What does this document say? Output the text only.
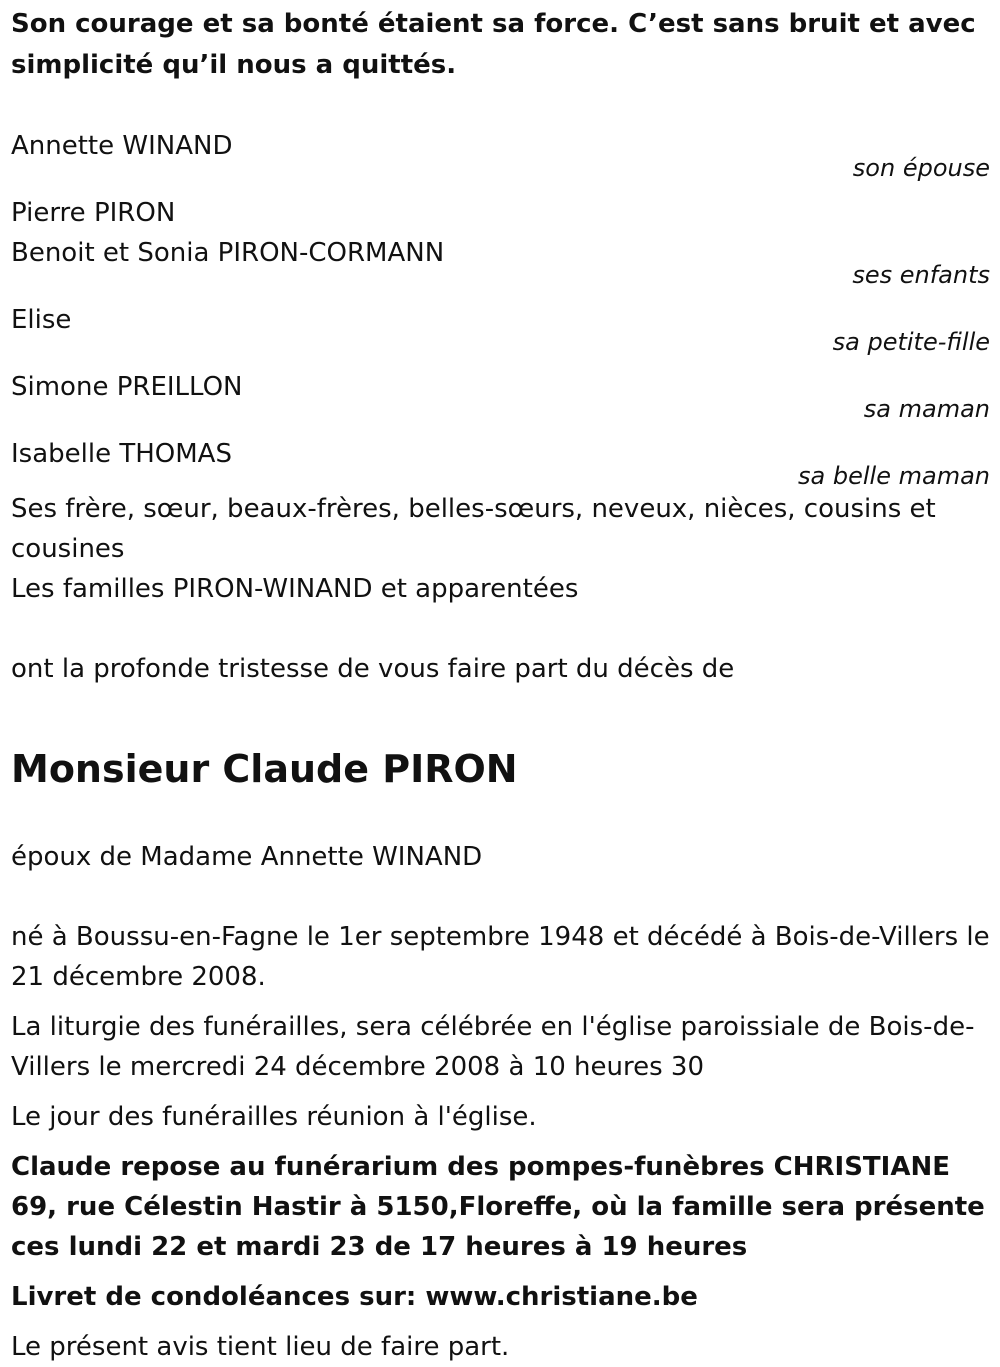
Son courage et sa bonté étaient sa force. C’est sans bruit et avec simplicité qu’il nous a quittés.
Annette WINAND
son épouse
Pierre PIRON
Benoit et Sonia PIRON-CORMANN
ses enfants
Elise
sa petite-fille
Simone PREILLON
sa maman
Isabelle THOMAS
sa belle maman
Ses frère, sœur, beaux-frères, belles-sœurs, neveux, nièces, cousins et cousines
Les familles PIRON-WINAND et apparentées
ont la profonde tristesse de vous faire part du décès de
Monsieur Claude PIRON
époux de Madame Annette WINAND
né à Boussu-en-Fagne le 1er septembre 1948 et décédé à Bois-de-Villers le 21 décembre 2008.
La liturgie des funérailles, sera célébrée en l'église paroissiale de Bois-de-Villers le mercredi 24 décembre 2008 à 10 heures 30
Le jour des funérailles réunion à l'église.
Claude repose au funérarium des pompes-funèbres CHRISTIANE 69, rue Célestin Hastir à 5150,Floreffe, où la famille sera présente ces lundi 22 et mardi 23 de 17 heures à 19 heures
Livret de condoléances sur: www.christiane.be
Le présent avis tient lieu de faire part.
